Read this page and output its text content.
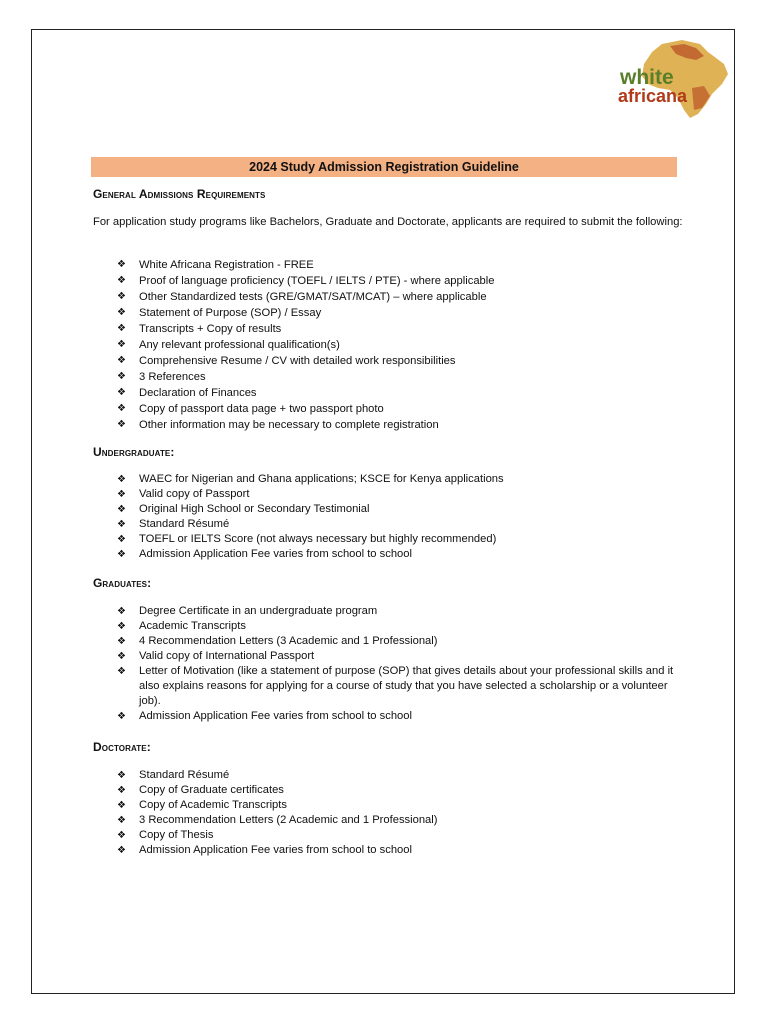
white
africana
2024 Study Admission Registration Guideline
General Admissions Requirements
For application study programs like Bachelors, Graduate and Doctorate, applicants are required to submit the following:
❖ White Africana Registration - FREE
❖ Proof of language proficiency (TOEFL / IELTS / PTE) - where applicable
❖ Other Standardized tests (GRE/GMAT/SAT/MCAT) – where applicable
❖ Statement of Purpose (SOP) / Essay
❖ Transcripts + Copy of results
❖ Any relevant professional qualification(s)
❖ Comprehensive Resume / CV with detailed work responsibilities
❖ 3 References
❖ Declaration of Finances
❖ Copy of passport data page + two passport photo
❖ Other information may be necessary to complete registration
Undergraduate:
❖ WAEC for Nigerian and Ghana applications; KSCE for Kenya applications
❖ Valid copy of Passport
❖ Original High School or Secondary Testimonial
❖ Standard Résumé
❖ TOEFL or IELTS Score (not always necessary but highly recommended)
❖ Admission Application Fee varies from school to school
Graduates:
❖ Degree Certificate in an undergraduate program
❖ Academic Transcripts
❖ 4 Recommendation Letters (3 Academic and 1 Professional)
❖ Valid copy of International Passport
❖ Letter of Motivation (like a statement of purpose (SOP) that gives details about your professional skills and it also explains reasons for applying for a course of study that you have selected a scholarship or a volunteer job).
❖ Admission Application Fee varies from school to school
Doctorate:
❖ Standard Résumé
❖ Copy of Graduate certificates
❖ Copy of Academic Transcripts
❖ 3 Recommendation Letters (2 Academic and 1 Professional)
❖ Copy of Thesis
❖ Admission Application Fee varies from school to school
